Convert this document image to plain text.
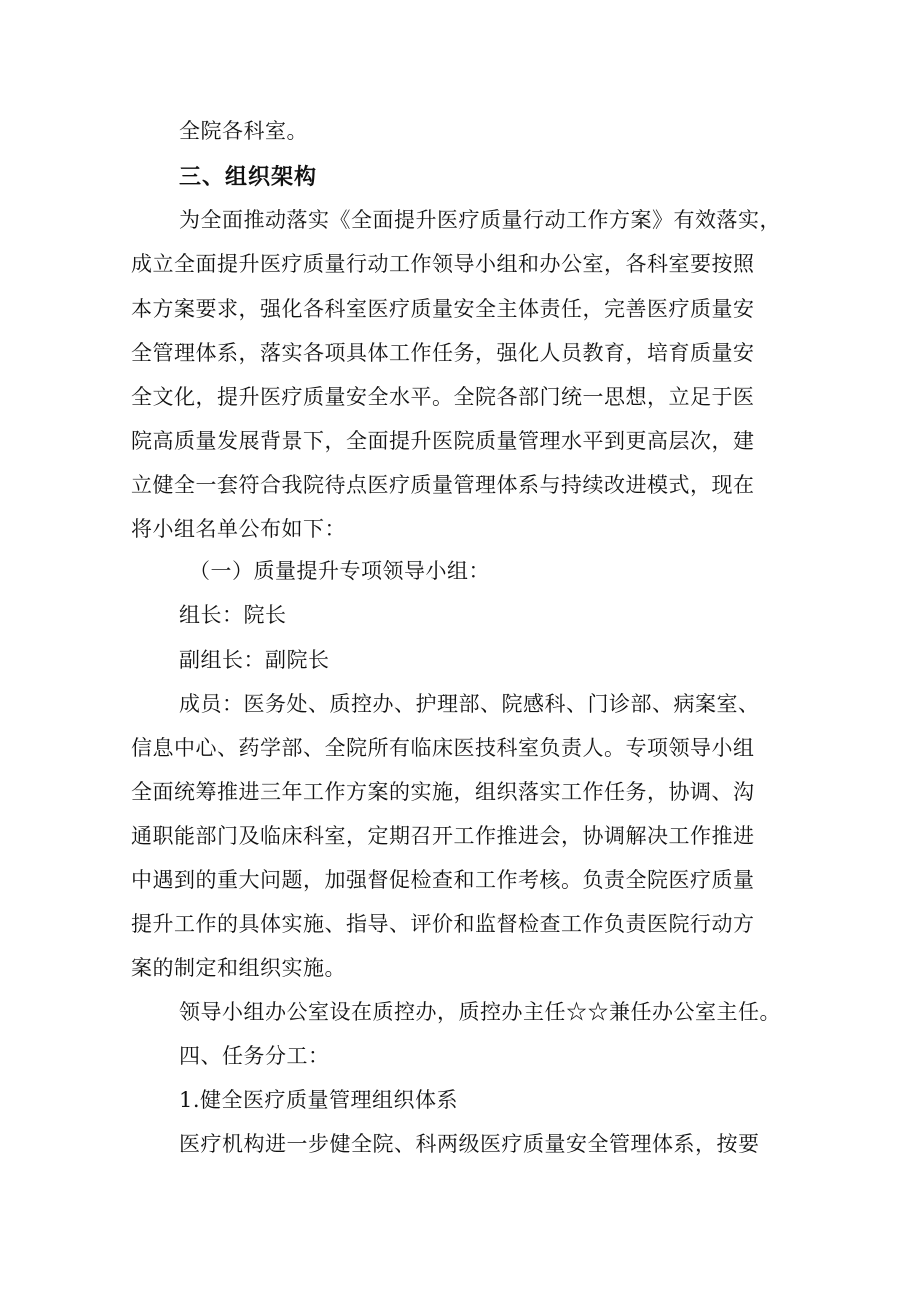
全院各科室。
三、组织架构
为全面推动落实《全面提升医疗质量行动工作方案》有效落实，
成立全面提升医疗质量行动工作领导小组和办公室，各科室要按照
本方案要求，强化各科室医疗质量安全主体责任，完善医疗质量安
全管理体系，落实各项具体工作任务，强化人员教育，培育质量安
全文化，提升医疗质量安全水平。全院各部门统一思想，立足于医
院高质量发展背景下，全面提升医院质量管理水平到更高层次，建
立健全一套符合我院待点医疗质量管理体系与持续改进模式，现在
将小组名单公布如下：
（一）质量提升专项领导小组：
组长：院长
副组长：副院长
成员：医务处、质控办、护理部、院感科、门诊部、病案室、
信息中心、药学部、全院所有临床医技科室负责人。专项领导小组
全面统筹推进三年工作方案的实施，组织落实工作任务，协调、沟
通职能部门及临床科室，定期召开工作推进会，协调解决工作推进
中遇到的重大问题，加强督促检查和工作考核。负责全院医疗质量
提升工作的具体实施、指导、评价和监督检查工作负责医院行动方
案的制定和组织实施。
领导小组办公室设在质控办，质控办主任☆☆兼任办公室主任。
四、任务分工：
1.健全医疗质量管理组织体系
医疗机构进一步健全院、科两级医疗质量安全管理体系，按要
